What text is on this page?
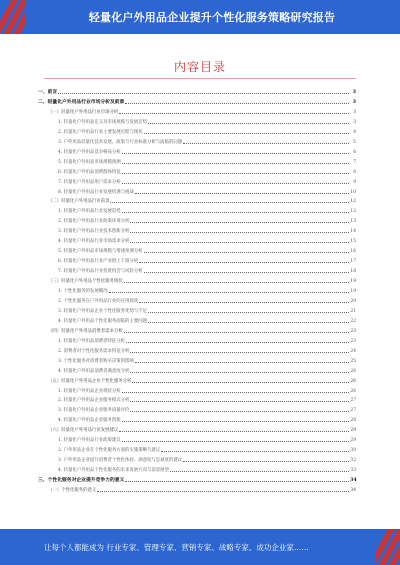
轻量化户外用品企业提升个性化服务策略研究报告
内容目录
一、前言	3
二、轻量化户外用品行业市场分析及前景	3
（一）轻量化户外用品行业市场分析	3
1. 轻量化户外用品定义及市场规模与发展态势	3
2. 轻量化户外用品行业主要发展历程与现状	4
3. 户外用品轻量化技术发展、政策与行业标准分析与面临的问题	5
4. 轻量化户外用品竞争格局分析	6
5. 轻量化户外用品市场规模预测	7
6. 轻量化户外用品消费群体特征	8
7. 轻量化户外用品用户需求分析	9
8. 轻量化户外用品行业发展机遇与挑战	10
（二）轻量化户外用品行业前景	12
1. 轻量化户外用品行业发展趋势	12
2. 轻量化户外用品行业政策环境分析	13
3. 轻量化户外用品行业技术创新分析	14
4. 轻量化户外用品行业市场需求分析	15
5. 轻量化户外用品市场规模与增速预测分析	16
6. 轻量化户外用品行业产业链上下游分析	17
7. 轻量化户外用品行业投资机会与风险分析	18
（三）轻量化户外用品个性化服务现状	19
1. 个性化服务的发展概况	19
2. 个性化服务在户外用品行业的应用现状	20
3. 轻量化户外用品企业个性化服务优势与不足	21
4. 轻量化户外用品个性化服务面临的主要问题	22
（四）轻量化户外用品消费者需求分析	23
1. 轻量化户外用品消费者特征分析	23
2. 消费者对个性化服务需求特征分析	24
3. 个性化服务对消费者购买决策的影响	25
4. 轻量化户外用品消费者满意度分析	26
（五）轻量化户外用品企业个性化服务分析	26
1. 轻量化户外用品企业现状分析	26
2. 轻量化户外用品企业服务模式分析	27
3. 轻量化户外用品企业服务质量评价	27
4. 轻量化户外用品企业服务创新	28
（六）轻量化户外用品行业发展建议	29
1. 轻量化户外用品行业政策建议	29
2. 户外用品企业在个性化服务方面的实施策略与建议	30
3. 户外用品企业提升消费者个性化体验、满意度与忠诚度的建议	32
4. 轻量化户外用品个性化服务的未来发展方向与前景展望	33
三、个性化服务对企业提升竞争力的意义	34
（一）个性化服务的意义	34
让每个人都能成为 行业专家、管理专家、营销专家、战略专家、成功企业家……
